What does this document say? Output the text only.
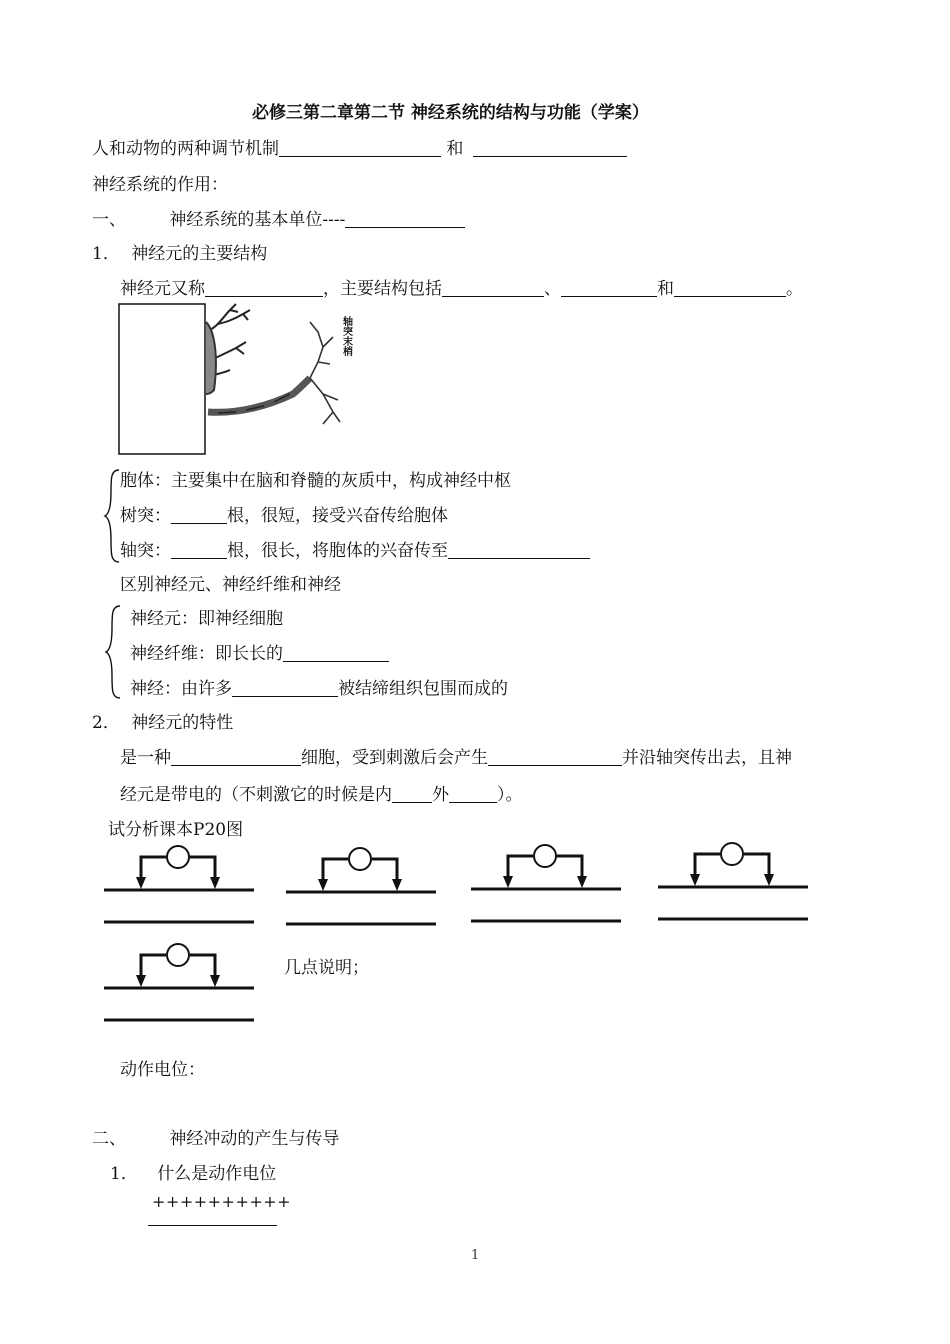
必修三第二章第二节 神经系统的结构与功能（学案）
人和动物的两种调节机制	和
神经系统的作用：
一、	神经系统的基本单位----
1． 神经元的主要结构
神经元又称	，主要结构包括	、	和	。
轴突末梢
胞体：主要集中在脑和脊髓的灰质中，构成神经中枢
树突：	根，很短，接受兴奋传给胞体
轴突：	根，很长，将胞体的兴奋传至
区别神经元、神经纤维和神经
神经元：即神经细胞
神经纤维：即长长的
神经：由许多	被结缔组织包围而成的
2． 神经元的特性
是一种	细胞，受到刺激后会产生	并沿轴突传出去，且神
经元是带电的（不刺激它的时候是内 外	）。
试分析课本P20图
几点说明；
动作电位：
二、	神经冲动的产生与传导
1． 什么是动作电位
++++++++++
1
